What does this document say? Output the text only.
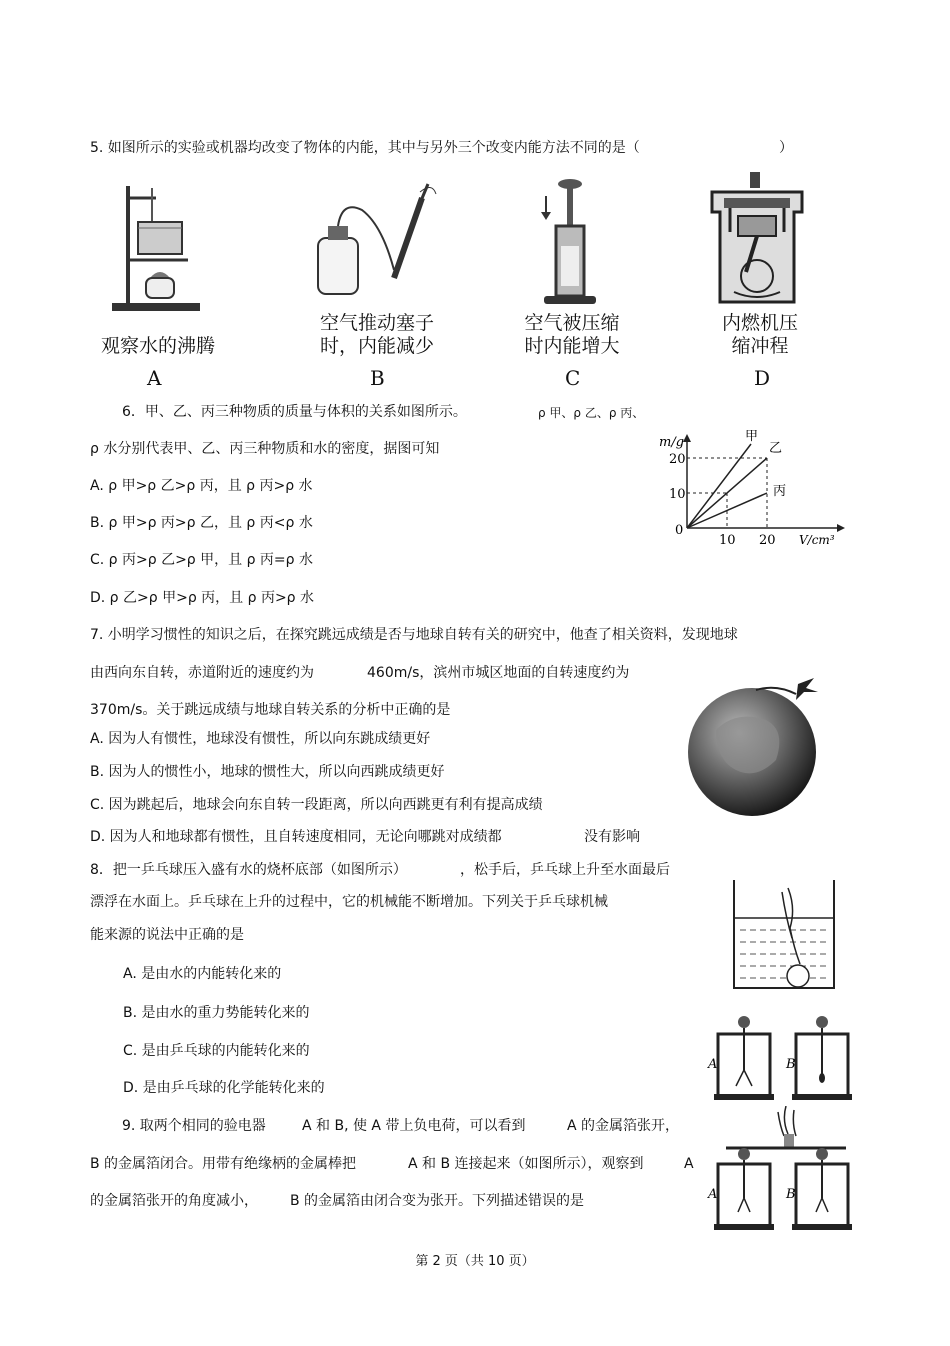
5. 如图所示的实验或机器均改变了物体的内能，其中与另外三个改变内能方法不同的是（	）
观察水的沸腾
A
空气推动塞子
时，内能减少
B
空气被压缩
时内能增大
C
内燃机压
缩冲程
D
6．甲、乙、丙三种物质的质量与体积的关系如图所示。	ρ 甲、ρ 乙、ρ 丙、
ρ 水分别代表甲、乙、丙三种物质和水的密度，据图可知
A. ρ 甲>ρ 乙>ρ 丙，且 ρ 丙>ρ 水
B. ρ 甲>ρ 丙>ρ 乙，且 ρ 丙<ρ 水
C. ρ 丙>ρ 乙>ρ 甲，且 ρ 丙=ρ 水
D. ρ 乙>ρ 甲>ρ 丙，且 ρ 丙>ρ 水
m/g
V/cm³
0
10
20
10 20
甲
乙
丙
7. 小明学习惯性的知识之后，在探究跳远成绩是否与地球自转有关的研究中，他查了相关资料，发现地球
由西向东自转，赤道附近的速度约为	460m/s，滨州市城区地面的自转速度约为
370m/s。关于跳远成绩与地球自转关系的分析中正确的是
A. 因为人有惯性，地球没有惯性，所以向东跳成绩更好
B. 因为人的惯性小，地球的惯性大，所以向西跳成绩更好
C. 因为跳起后，地球会向东自转一段距离，所以向西跳更有利有提高成绩
D. 因为人和地球都有惯性，且自转速度相同，无论向哪跳对成绩都	没有影响
8．把一乒乓球压入盛有水的烧杯底部（如图所示）	，松手后，乒乓球上升至水面最后
漂浮在水面上。乒乓球在上升的过程中，它的机械能不断增加。下列关于乒乓球机械
能来源的说法中正确的是
A. 是由水的内能转化来的
B. 是由水的重力势能转化来的
C. 是由乒乓球的内能转化来的
D. 是由乒乓球的化学能转化来的
A	B
9. 取两个相同的验电器	A 和 B, 使 A 带上负电荷，可以看到	A 的金属箔张开，
B 的金属箔闭合。用带有绝缘柄的金属棒把	A 和 B 连接起来（如图所示），观察到	A
的金属箔张开的角度减小， B 的金属箔由闭合变为张开。下列描述错误的是	A	B
第 2 页（共 10 页）
